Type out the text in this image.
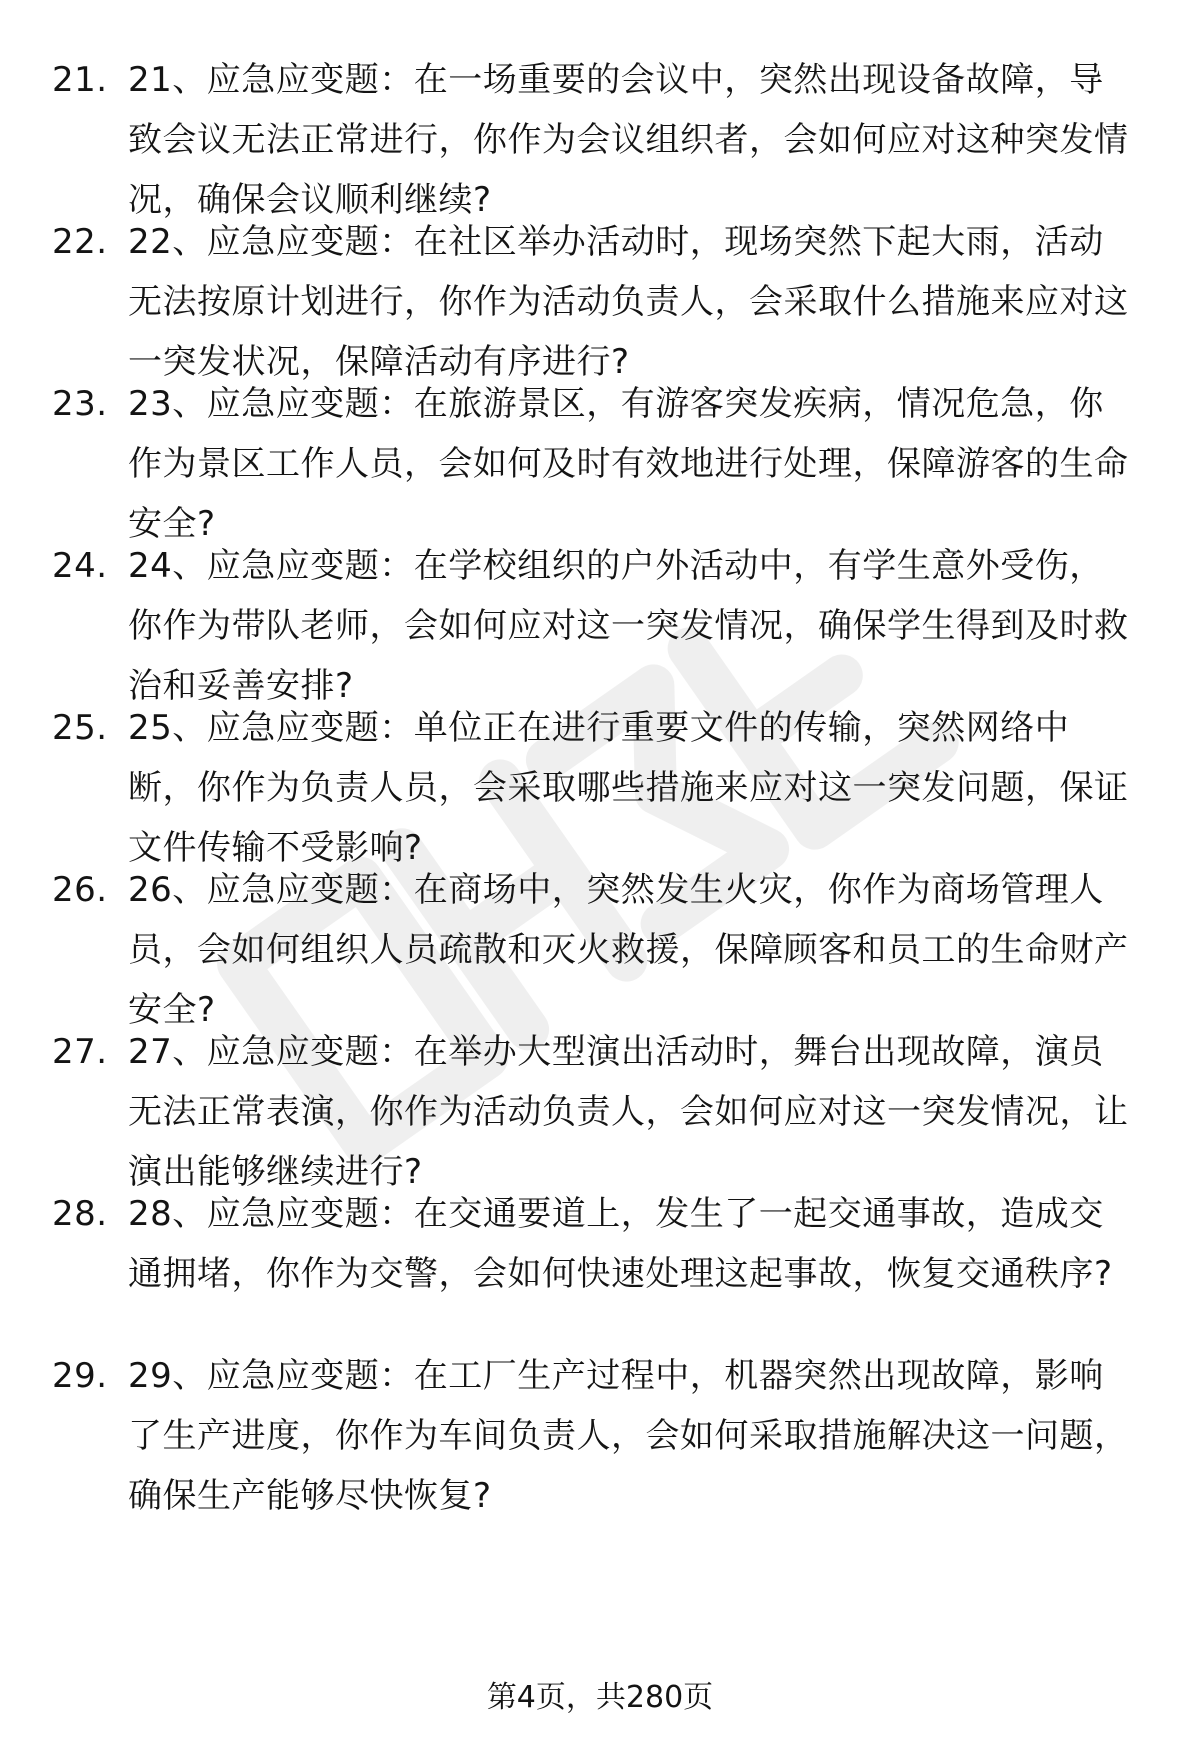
21. 21、应急应变题：在一场重要的会议中，突然出现设备故障，导致会议无法正常进行，你作为会议组织者，会如何应对这种突发情况，确保会议顺利继续?
22. 22、应急应变题：在社区举办活动时，现场突然下起大雨，活动无法按原计划进行，你作为活动负责人，会采取什么措施来应对这一突发状况，保障活动有序进行?
23. 23、应急应变题：在旅游景区，有游客突发疾病，情况危急，你作为景区工作人员，会如何及时有效地进行处理，保障游客的生命安全?
24. 24、应急应变题：在学校组织的户外活动中，有学生意外受伤，你作为带队老师，会如何应对这一突发情况，确保学生得到及时救治和妥善安排?
25. 25、应急应变题：单位正在进行重要文件的传输，突然网络中断，你作为负责人员，会采取哪些措施来应对这一突发问题，保证文件传输不受影响?
26. 26、应急应变题：在商场中，突然发生火灾，你作为商场管理人员，会如何组织人员疏散和灭火救援，保障顾客和员工的生命财产安全?
27. 27、应急应变题：在举办大型演出活动时，舞台出现故障，演员无法正常表演，你作为活动负责人，会如何应对这一突发情况，让演出能够继续进行?
28. 28、应急应变题：在交通要道上，发生了一起交通事故，造成交通拥堵，你作为交警，会如何快速处理这起事故，恢复交通秩序?
29. 29、应急应变题：在工厂生产过程中，机器突然出现故障，影响了生产进度，你作为车间负责人，会如何采取措施解决这一问题，确保生产能够尽快恢复?
第4页，共280页
